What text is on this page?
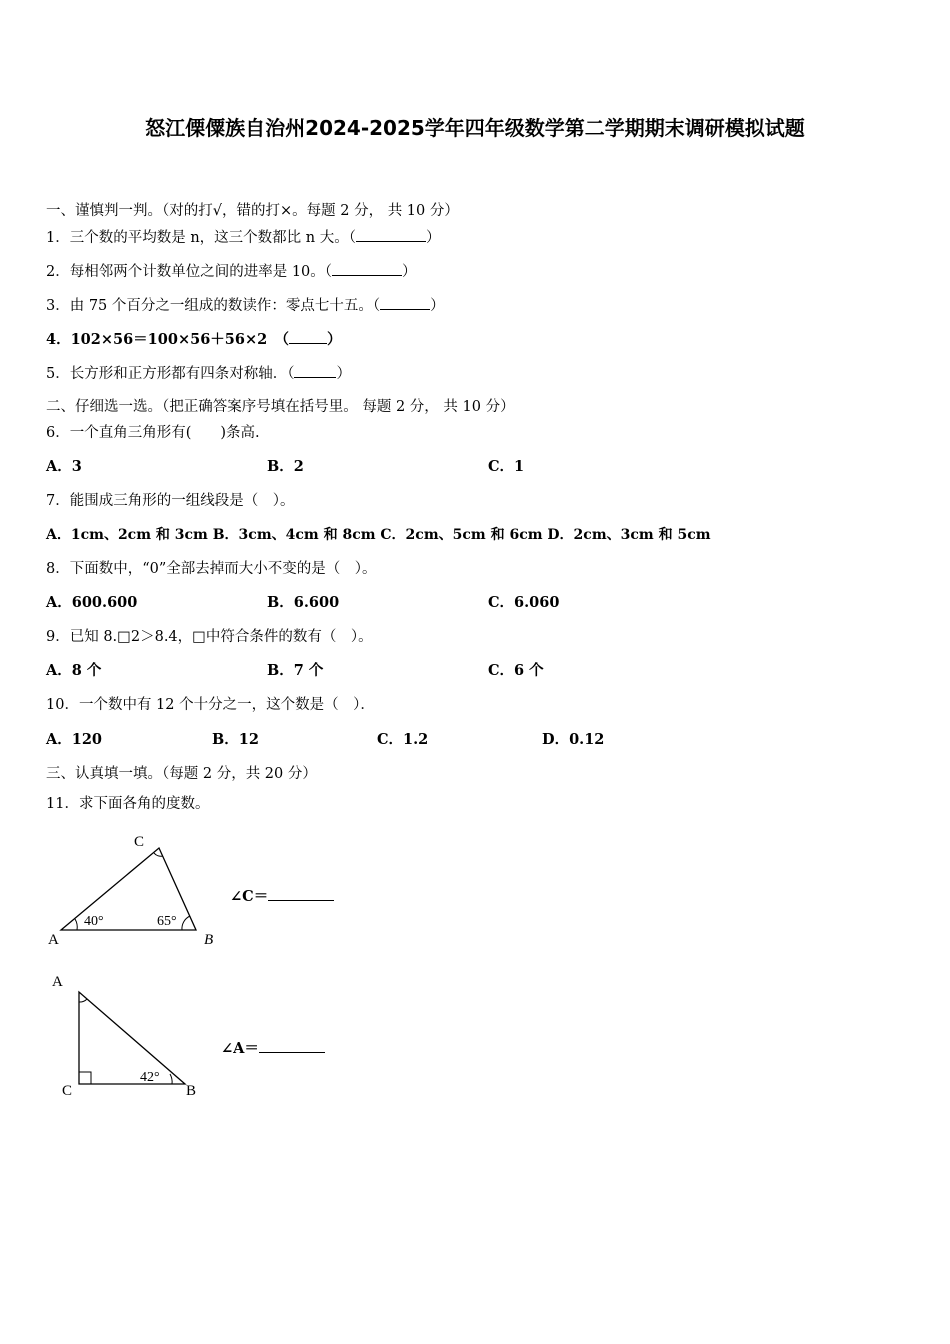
怒江傈僳族自治州2024-2025学年四年级数学第二学期期末调研模拟试题
一、谨慎判一判。（对的打√，错的打×。每题 2 分， 共 10 分）
1．三个数的平均数是 n，这三个数都比 n 大。（	）
2．每相邻两个计数单位之间的进率是 10。（	）
3．由 75 个百分之一组成的数读作：零点七十五。（	）
4．102×56＝100×56＋56×2　（	）
5．长方形和正方形都有四条对称轴．（	）
二、仔细选一选。（把正确答案序号填在括号里。 每题 2 分， 共 10 分）
6．一个直角三角形有(　　)条高.
A．3	B．2	C．1
7．能围成三角形的一组线段是（　）。
A．1cm、2cm 和 3cm B．3cm、4cm 和 8cm C．2cm、5cm 和 6cm D．2cm、3cm 和 5cm
8．下面数中，“0”全部去掉而大小不变的是（　）。
A．600.600	B．6.600	C．6.060
9．已知 8.□2＞8.4，□中符合条件的数有（　）。
A．8 个	B．7 个	C．6 个
10．一个数中有 12 个十分之一，这个数是（　）．
A．120	B．12	C．1.2	D．0.12
三、认真填一填。（每题 2 分，共 20 分）
11．求下面各角的度数。
C
A	B
40°	65°
∠C＝
A
C	B
42°
∠A＝
